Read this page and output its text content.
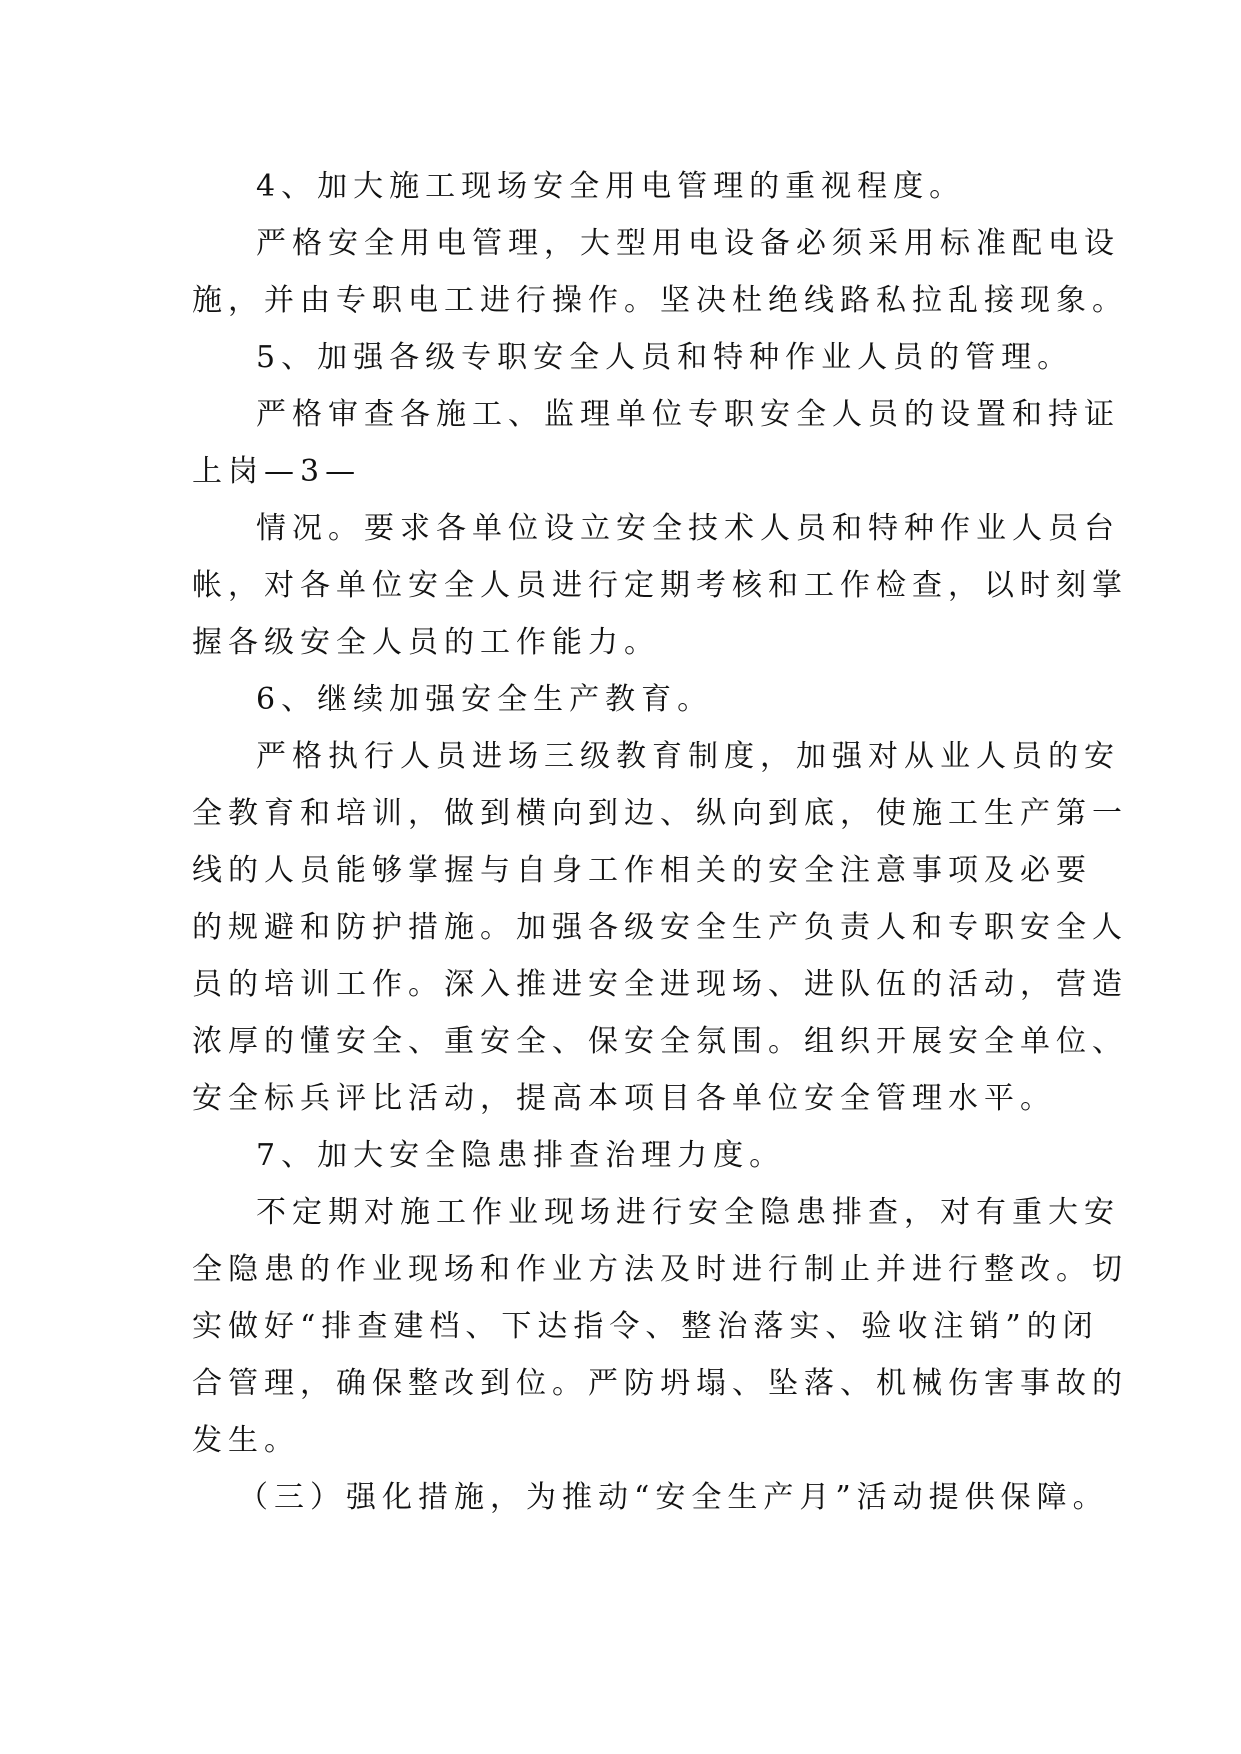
4、加大施工现场安全用电管理的重视程度。
严格安全用电管理，大型用电设备必须采用标准配电设
施，并由专职电工进行操作。坚决杜绝线路私拉乱接现象。
5、加强各级专职安全人员和特种作业人员的管理。
严格审查各施工、监理单位专职安全人员的设置和持证
上岗—3—
情况。要求各单位设立安全技术人员和特种作业人员台
帐，对各单位安全人员进行定期考核和工作检查，以时刻掌
握各级安全人员的工作能力。
6、继续加强安全生产教育。
严格执行人员进场三级教育制度，加强对从业人员的安
全教育和培训，做到横向到边、纵向到底，使施工生产第一
线的人员能够掌握与自身工作相关的安全注意事项及必要
的规避和防护措施。加强各级安全生产负责人和专职安全人
员的培训工作。深入推进安全进现场、进队伍的活动，营造
浓厚的懂安全、重安全、保安全氛围。组织开展安全单位、
安全标兵评比活动，提高本项目各单位安全管理水平。
7、加大安全隐患排查治理力度。
不定期对施工作业现场进行安全隐患排查，对有重大安
全隐患的作业现场和作业方法及时进行制止并进行整改。切
实做好“排查建档、下达指令、整治落实、验收注销”的闭
合管理，确保整改到位。严防坍塌、坠落、机械伤害事故的
发生。
（三）强化措施，为推动“安全生产月”活动提供保障。
